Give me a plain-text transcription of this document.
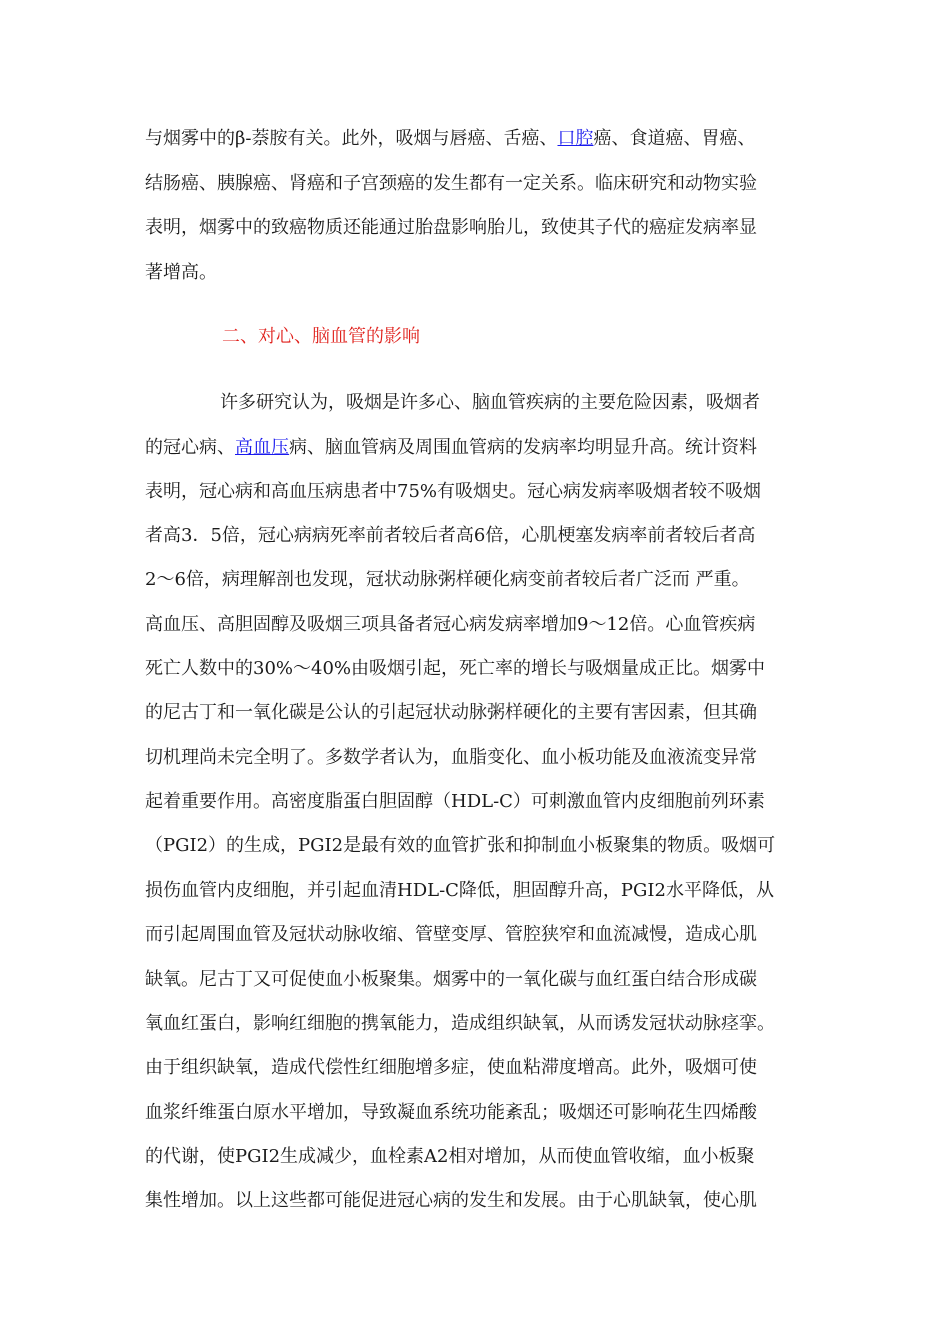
与烟雾中的β-萘胺有关。此外，吸烟与唇癌、舌癌、口腔癌、食道癌、胃癌、
结肠癌、胰腺癌、肾癌和子宫颈癌的发生都有一定关系。临床研究和动物实验
表明，烟雾中的致癌物质还能通过胎盘影响胎儿，致使其子代的癌症发病率显
著增高。
二、对心、脑血管的影响
许多研究认为，吸烟是许多心、脑血管疾病的主要危险因素，吸烟者
的冠心病、高血压病、脑血管病及周围血管病的发病率均明显升高。统计资料
表明，冠心病和高血压病患者中75%有吸烟史。冠心病发病率吸烟者较不吸烟
者高3．5倍，冠心病病死率前者较后者高6倍，心肌梗塞发病率前者较后者高
2～6倍，病理解剖也发现，冠状动脉粥样硬化病变前者较后者广泛而 严重。
高血压、高胆固醇及吸烟三项具备者冠心病发病率增加9～12倍。心血管疾病
死亡人数中的30%～40%由吸烟引起，死亡率的增长与吸烟量成正比。烟雾中
的尼古丁和一氧化碳是公认的引起冠状动脉粥样硬化的主要有害因素，但其确
切机理尚未完全明了。多数学者认为，血脂变化、血小板功能及血液流变异常
起着重要作用。高密度脂蛋白胆固醇（HDL-C）可刺激血管内皮细胞前列环素
（PGI2）的生成，PGI2是最有效的血管扩张和抑制血小板聚集的物质。吸烟可
损伤血管内皮细胞，并引起血清HDL-C降低，胆固醇升高，PGI2水平降低，从
而引起周围血管及冠状动脉收缩、管壁变厚、管腔狭窄和血流减慢，造成心肌
缺氧。尼古丁又可促使血小板聚集。烟雾中的一氧化碳与血红蛋白结合形成碳
氧血红蛋白，影响红细胞的携氧能力，造成组织缺氧，从而诱发冠状动脉痉挛。
由于组织缺氧，造成代偿性红细胞增多症，使血粘滞度增高。此外，吸烟可使
血浆纤维蛋白原水平增加，导致凝血系统功能紊乱；吸烟还可影响花生四烯酸
的代谢，使PGI2生成减少，血栓素A2相对增加，从而使血管收缩，血小板聚
集性增加。以上这些都可能促进冠心病的发生和发展。由于心肌缺氧，使心肌
